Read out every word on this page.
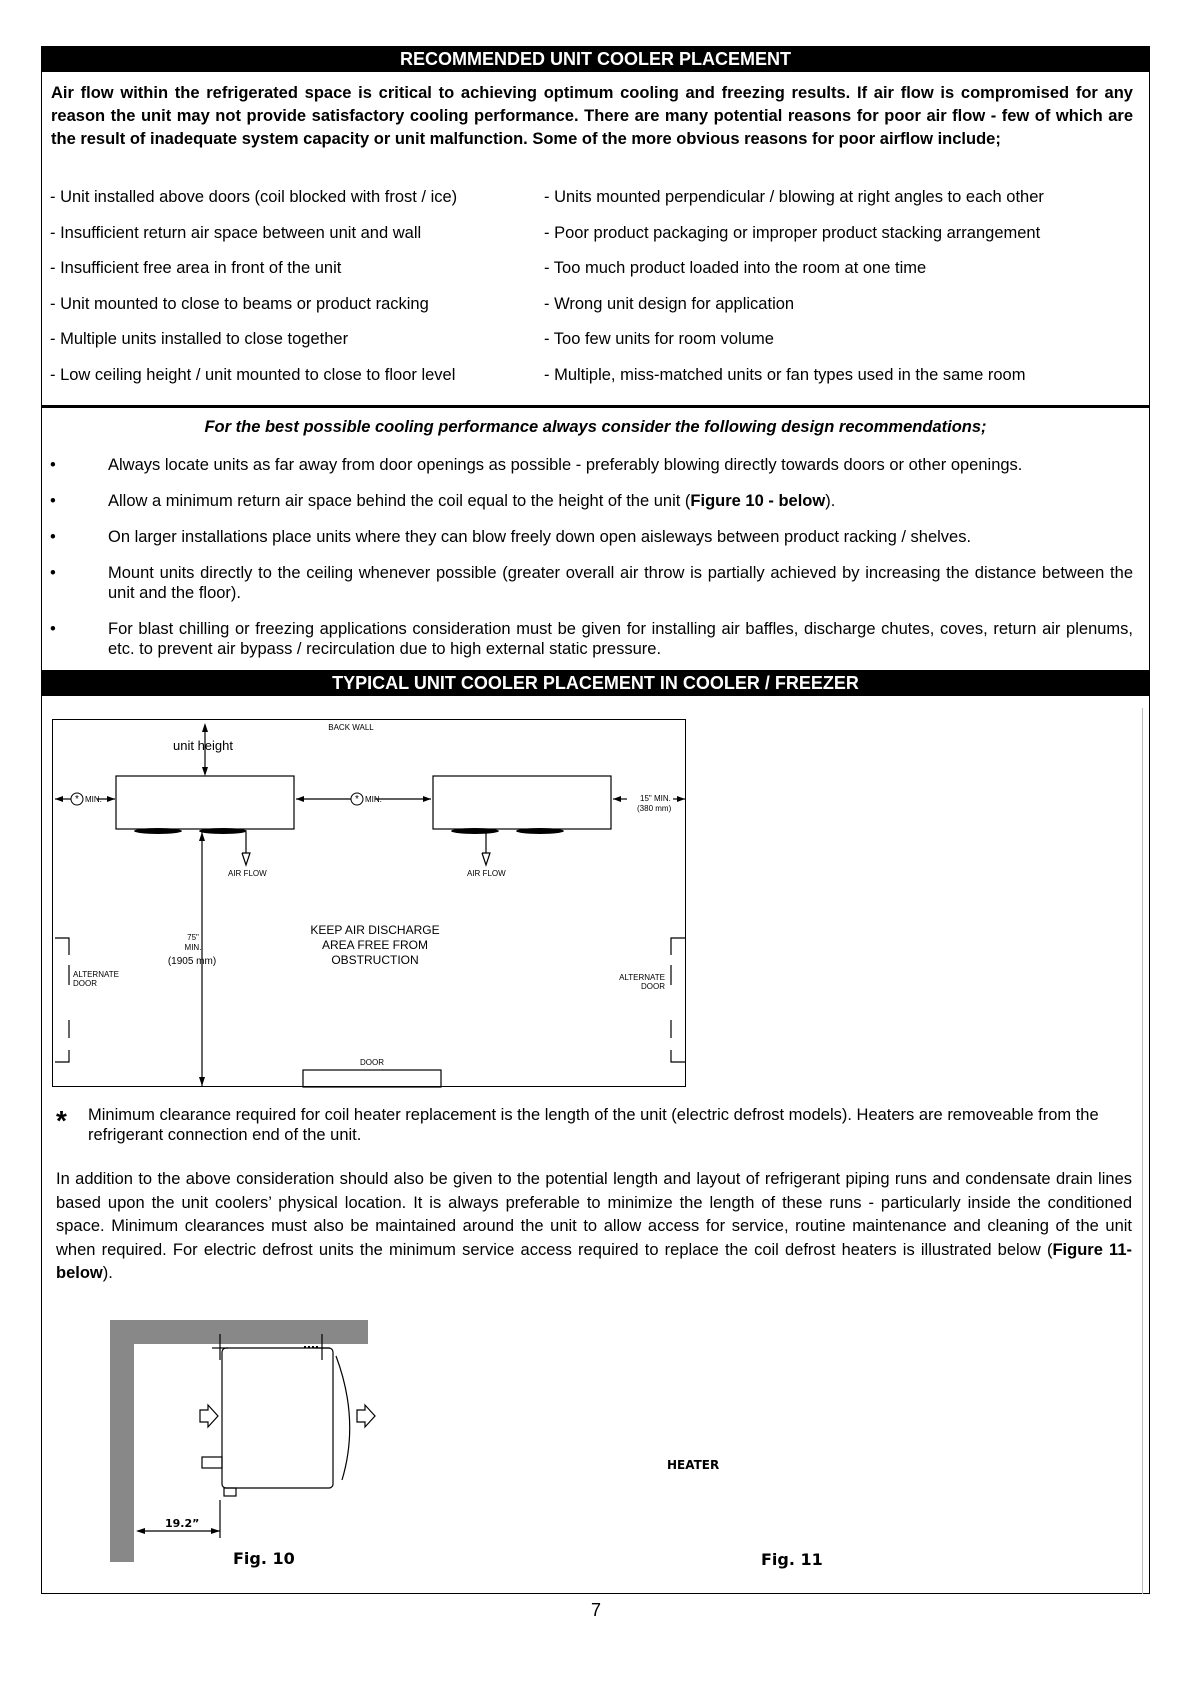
RECOMMENDED UNIT COOLER PLACEMENT
Air flow within the refrigerated space is critical to achieving optimum cooling and freezing results. If air flow is compromised for any reason the unit may not provide satisfactory cooling performance. There are many potential reasons for poor air flow - few of which are the result of inadequate system capacity or unit malfunction. Some of the more obvious reasons for poor airflow include;
- Unit installed above doors (coil blocked with frost / ice)
- Insufficient return air space between unit and wall
- Insufficient free area in front of the unit
- Unit mounted to close to beams or product racking
- Multiple units installed to close together
- Low ceiling height / unit mounted to close to floor level
- Units mounted perpendicular / blowing at right angles to each other
- Poor product packaging or improper product stacking arrangement
- Too much product loaded into the room at one time
- Wrong unit design for application
- Too few units for room volume
- Multiple, miss-matched units or fan types used in the same room
For the best possible cooling performance always consider the following design recommendations;
•	Always locate units as far away from door openings as possible - preferably blowing directly towards doors or other openings.
•	Allow a minimum return air space behind the coil equal to the height of the unit (Figure 10 - below).
•	On larger installations place units where they can blow freely down open aisleways between product racking / shelves.
•	Mount units directly to the ceiling whenever possible (greater overall air throw is partially achieved by increasing the distance between the unit and the floor).
•	For blast chilling or freezing applications consideration must be given for installing air baffles, discharge chutes, coves, return air plenums, etc. to prevent air bypass / recirculation due to high external static pressure.
TYPICAL UNIT COOLER PLACEMENT IN COOLER / FREEZER
*	*
BACK WALL
unit height
MIN.	MIN.	15" MIN.
(380 mm)
AIR FLOW	AIR FLOW
75"
MIN.
(1905 mm)
ALTERNATE
DOOR
ALTERNATE
DOOR
DOOR
KEEP AIR DISCHARGE
AREA FREE FROM
OBSTRUCTION
* Minimum clearance required for coil heater replacement is the length of the unit (electric defrost models). Heaters are removeable from the refrigerant connection end of the unit.
In addition to the above consideration should also be given to the potential length and layout of refrigerant piping runs and condensate drain lines based upon the unit coolers’ physical location. It is always preferable to minimize the length of these runs - particularly inside the conditioned space. Minimum clearances must also be maintained around the unit to allow access for service, routine maintenance and cleaning of the unit when required. For electric defrost units the minimum service access required to replace the coil defrost heaters is illustrated below (Figure 11- below).
19.2”
Fig. 10
HEATER
Fig. 11
7
